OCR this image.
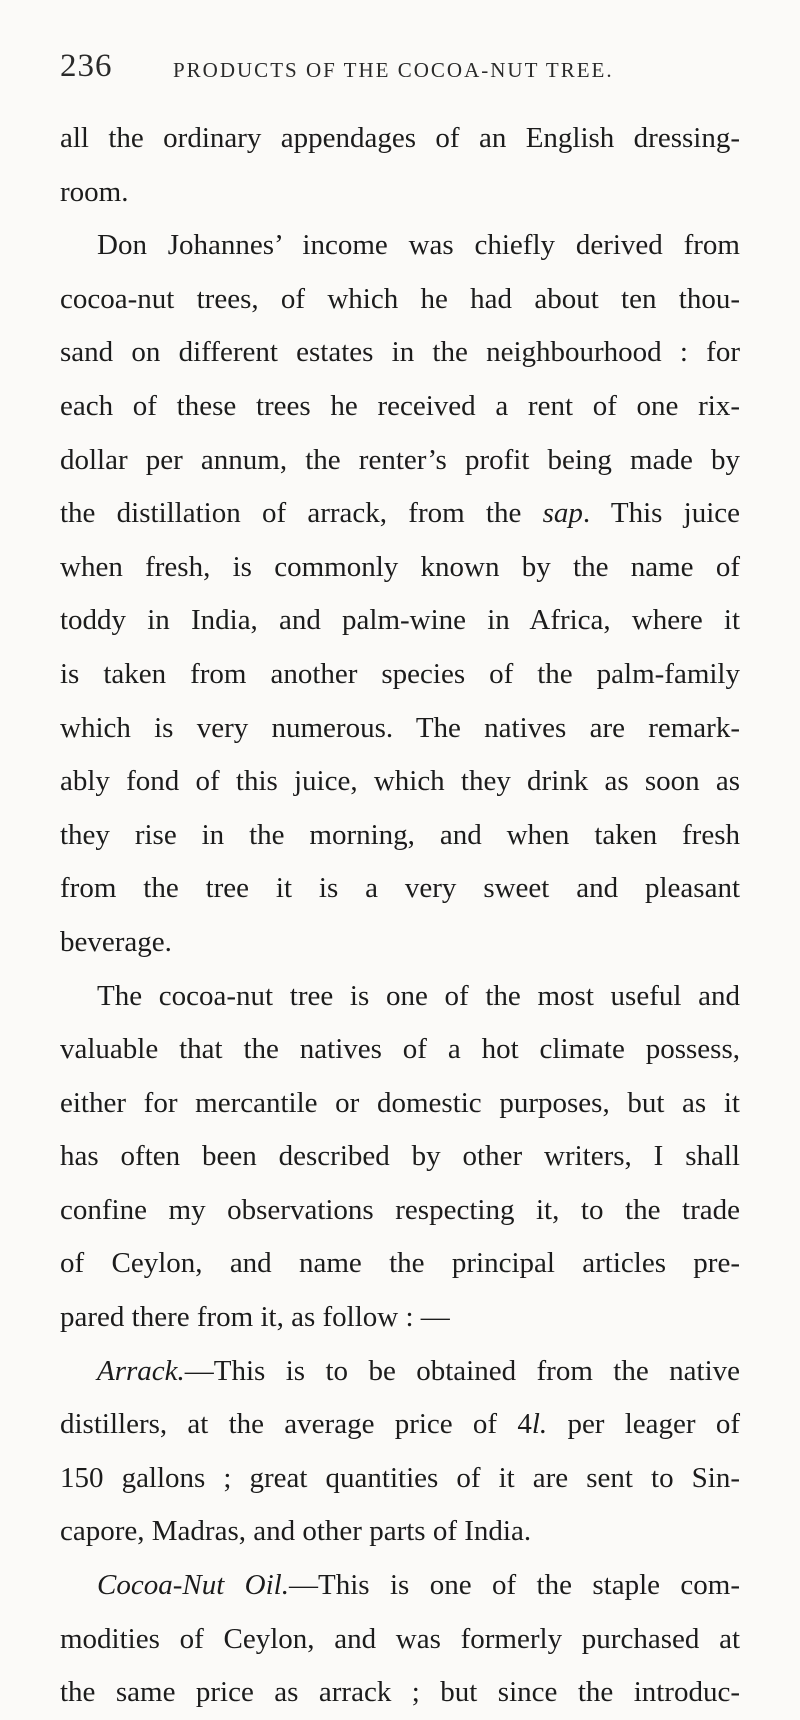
236	PRODUCTS OF THE COCOA-NUT TREE.
all the ordinary appendages of an English dressing-
room.
Don Johannes’ income was chiefly derived from
cocoa-nut trees, of which he had about ten thou-
sand on different estates in the neighbourhood : for
each of these trees he received a rent of one rix-
dollar per annum, the renter’s profit being made by
the distillation of arrack, from the sap. This juice
when fresh, is commonly known by the name of
toddy in India, and palm-wine in Africa, where it
is taken from another species of the palm-family
which is very numerous. The natives are remark-
ably fond of this juice, which they drink as soon as
they rise in the morning, and when taken fresh
from the tree it is a very sweet and pleasant
beverage.
The cocoa-nut tree is one of the most useful and
valuable that the natives of a hot climate possess,
either for mercantile or domestic purposes, but as it
has often been described by other writers, I shall
confine my observations respecting it, to the trade
of Ceylon, and name the principal articles pre-
pared there from it, as follow : —
Arrack.—This is to be obtained from the native
distillers, at the average price of 4l. per leager of
150 gallons ; great quantities of it are sent to Sin-
capore, Madras, and other parts of India.
Cocoa-Nut Oil.—This is one of the staple com-
modities of Ceylon, and was formerly purchased at
the same price as arrack ; but since the introduc-
